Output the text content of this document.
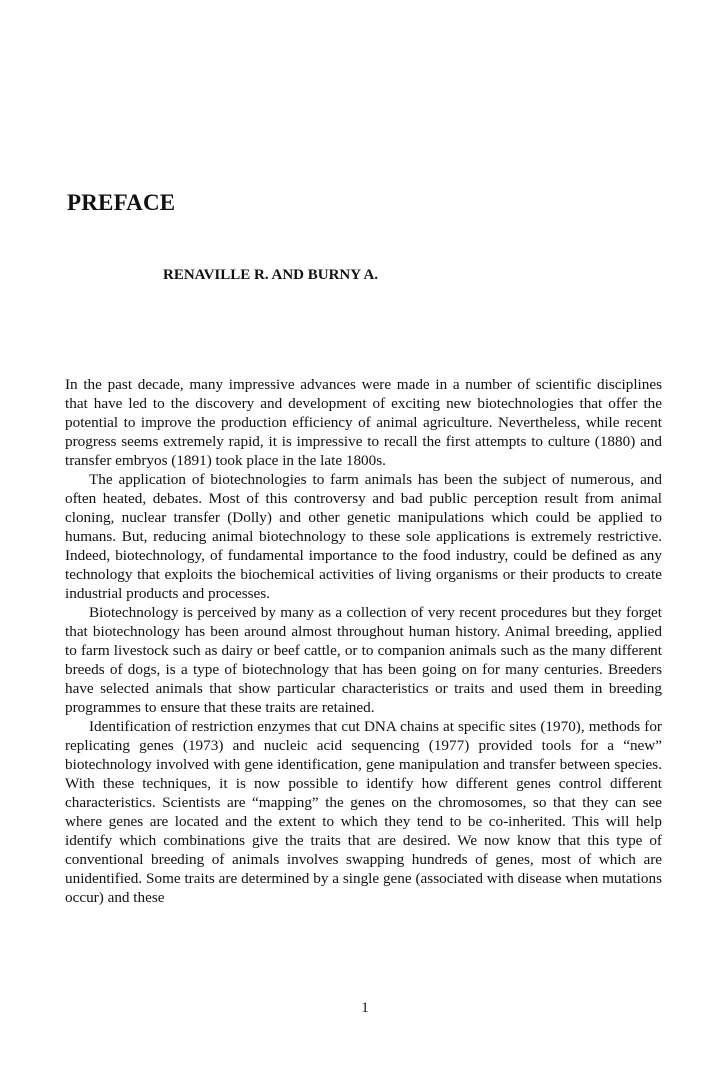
PREFACE
RENAVILLE R. AND BURNY A.

In the past decade, many impressive advances were made in a number of scientific disciplines that have led to the discovery and development of exciting new biotechnologies that offer the potential to improve the production efficiency of animal agriculture. Nevertheless, while recent progress seems extremely rapid, it is impressive to recall the first attempts to culture (1880) and transfer embryos (1891) took place in the late 1800s.

The application of biotechnologies to farm animals has been the subject of numerous, and often heated, debates. Most of this controversy and bad public perception result from animal cloning, nuclear transfer (Dolly) and other genetic manipulations which could be applied to humans. But, reducing animal biotechnology to these sole applications is extremely restrictive. Indeed, biotechnology, of fundamental importance to the food industry, could be defined as any technology that exploits the biochemical activities of living organisms or their products to create industrial products and processes.

Biotechnology is perceived by many as a collection of very recent procedures but they forget that biotechnology has been around almost throughout human history. Animal breeding, applied to farm livestock such as dairy or beef cattle, or to companion animals such as the many different breeds of dogs, is a type of biotechnology that has been going on for many centuries. Breeders have selected animals that show particular characteristics or traits and used them in breeding programmes to ensure that these traits are retained.

Identification of restriction enzymes that cut DNA chains at specific sites (1970), methods for replicating genes (1973) and nucleic acid sequencing (1977) provided tools for a “new” biotechnology involved with gene identification, gene manipulation and transfer between species. With these techniques, it is now possible to identify how different genes control different characteristics. Scientists are “mapping” the genes on the chromosomes, so that they can see where genes are located and the extent to which they tend to be co-inherited. This will help identify which combinations give the traits that are desired. We now know that this type of conventional breeding of animals involves swapping hundreds of genes, most of which are unidentified. Some traits are determined by a single gene (associated with disease when mutations occur) and these

1
